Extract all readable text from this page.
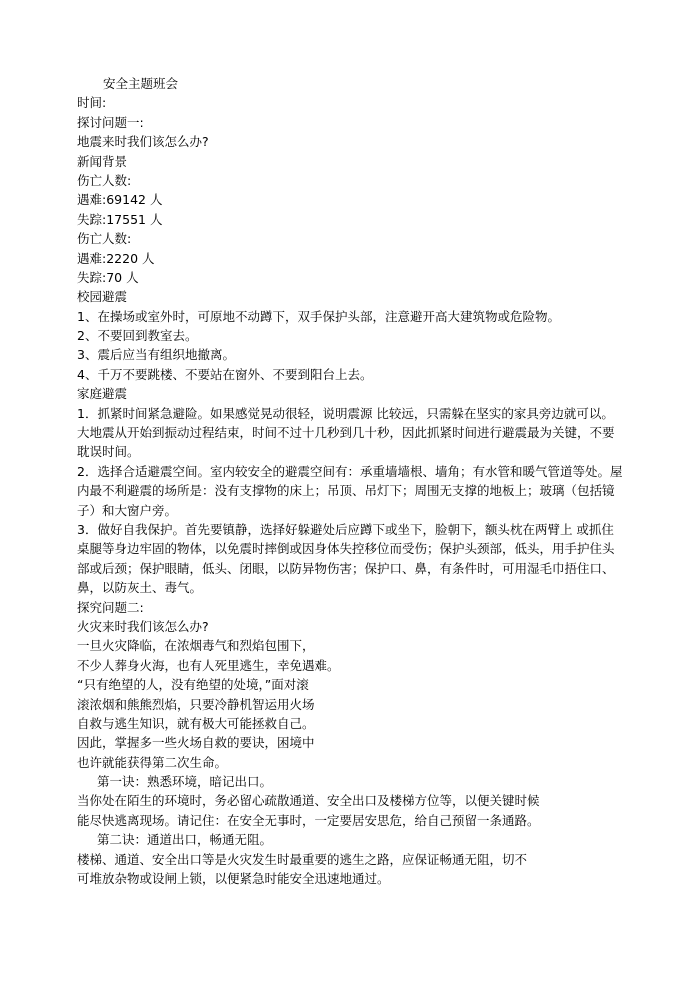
安全主题班会
时间:
探讨问题一:
地震来时我们该怎么办?
新闻背景
伤亡人数:
遇难:69142 人
失踪:17551 人
伤亡人数:
遇难:2220 人
失踪:70 人
校园避震
1、在操场或室外时，可原地不动蹲下，双手保护头部，注意避开高大建筑物或危险物。
2、不要回到教室去。
3、震后应当有组织地撤离。
4、千万不要跳楼、不要站在窗外、不要到阳台上去。
家庭避震
1．抓紧时间紧急避险。如果感觉晃动很轻，说明震源 比较远，只需躲在坚实的家具旁边就可以。
大地震从开始到振动过程结束，时间不过十几秒到几十秒，因此抓紧时间进行避震最为关键，不要
耽误时间。
2．选择合适避震空间。室内较安全的避震空间有：承重墙墙根、墙角；有水管和暖气管道等处。屋
内最不利避震的场所是：没有支撑物的床上；吊顶、吊灯下；周围无支撑的地板上；玻璃（包括镜
子）和大窗户旁。
3．做好自我保护。首先要镇静，选择好躲避处后应蹲下或坐下，脸朝下，额头枕在两臂上 或抓住
桌腿等身边牢固的物体，以免震时摔倒或因身体失控移位而受伤；保护头颈部，低头，用手护住头
部或后颈；保护眼睛，低头、闭眼，以防异物伤害；保护口、鼻，有条件时，可用湿毛巾捂住口、
鼻，以防灰土、毒气。
探究问题二:
火灾来时我们该怎么办?
一旦火灾降临，在浓烟毒气和烈焰包围下，
不少人葬身火海，也有人死里逃生，幸免遇难。
“只有绝望的人，没有绝望的处境，”面对滚
滚浓烟和熊熊烈焰，只要冷静机智运用火场
自救与逃生知识，就有极大可能拯救自己。
因此，掌握多一些火场自救的要诀，困境中
也许就能获得第二次生命。
第一诀：熟悉环境，暗记出口。
当你处在陌生的环境时，务必留心疏散通道、安全出口及楼梯方位等，以便关键时候
能尽快逃离现场。请记住：在安全无事时，一定要居安思危，给自己预留一条通路。
第二诀：通道出口，畅通无阻。
楼梯、通道、安全出口等是火灾发生时最重要的逃生之路，应保证畅通无阻，切不
可堆放杂物或设闸上锁，以便紧急时能安全迅速地通过。
